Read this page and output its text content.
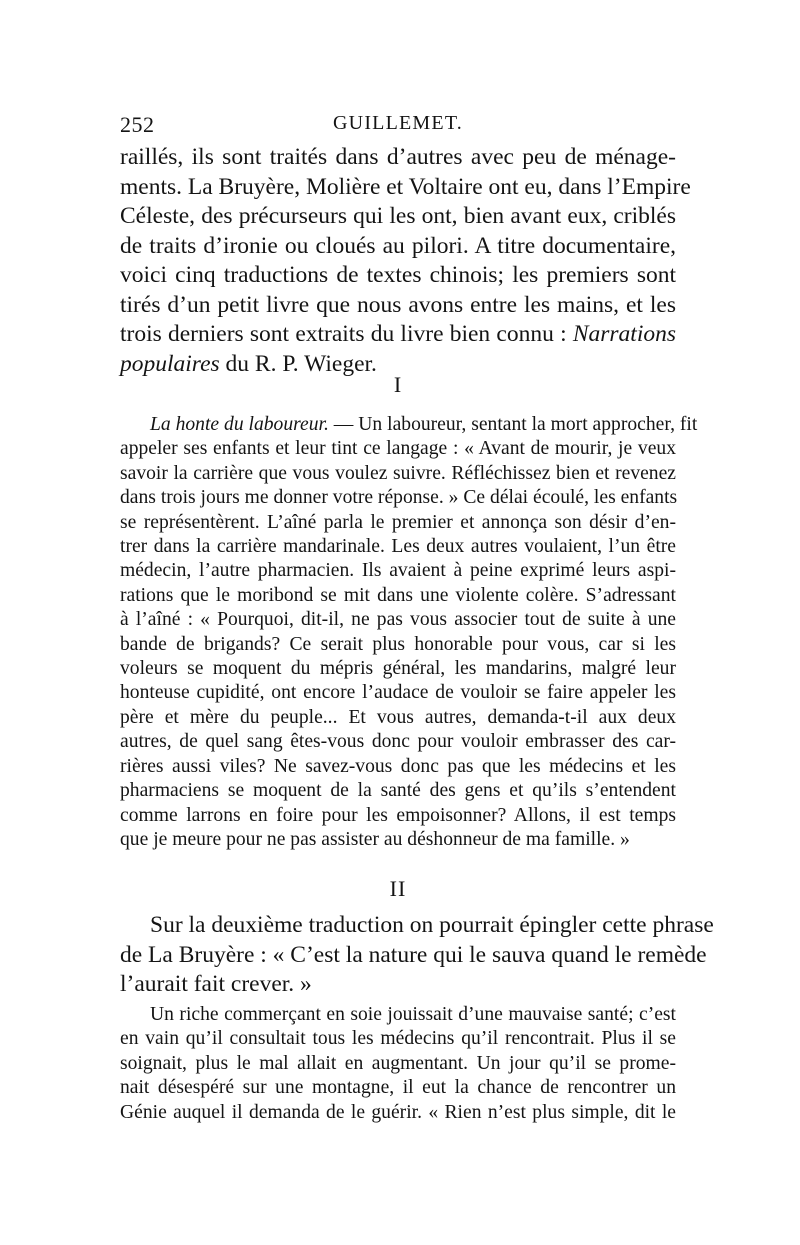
252	GUILLEMET.
raillés, ils sont traités dans d’autres avec peu de ménage-
ments. La Bruyère, Molière et Voltaire ont eu, dans l’Empire
Céleste, des précurseurs qui les ont, bien avant eux, criblés
de traits d’ironie ou cloués au pilori. A titre documentaire,
voici cinq traductions de textes chinois; les premiers sont
tirés d’un petit livre que nous avons entre les mains, et les
trois derniers sont extraits du livre bien connu : Narrations
populaires du R. P. Wieger.
I
La honte du laboureur. — Un laboureur, sentant la mort approcher, fit
appeler ses enfants et leur tint ce langage : « Avant de mourir, je veux
savoir la carrière que vous voulez suivre. Réfléchissez bien et revenez
dans trois jours me donner votre réponse. » Ce délai écoulé, les enfants
se représentèrent. L’aîné parla le premier et annonça son désir d’en-
trer dans la carrière mandarinale. Les deux autres voulaient, l’un être
médecin, l’autre pharmacien. Ils avaient à peine exprimé leurs aspi-
rations que le moribond se mit dans une violente colère. S’adressant
à l’aîné : « Pourquoi, dit-il, ne pas vous associer tout de suite à une
bande de brigands? Ce serait plus honorable pour vous, car si les
voleurs se moquent du mépris général, les mandarins, malgré leur
honteuse cupidité, ont encore l’audace de vouloir se faire appeler les
père et mère du peuple... Et vous autres, demanda-t-il aux deux
autres, de quel sang êtes-vous donc pour vouloir embrasser des car-
rières aussi viles? Ne savez-vous donc pas que les médecins et les
pharmaciens se moquent de la santé des gens et qu’ils s’entendent
comme larrons en foire pour les empoisonner? Allons, il est temps
que je meure pour ne pas assister au déshonneur de ma famille. »
II
Sur la deuxième traduction on pourrait épingler cette phrase
de La Bruyère : « C’est la nature qui le sauva quand le remède
l’aurait fait crever. »
Un riche commerçant en soie jouissait d’une mauvaise santé; c’est
en vain qu’il consultait tous les médecins qu’il rencontrait. Plus il se
soignait, plus le mal allait en augmentant. Un jour qu’il se prome-
nait désespéré sur une montagne, il eut la chance de rencontrer un
Génie auquel il demanda de le guérir. « Rien n’est plus simple, dit le
